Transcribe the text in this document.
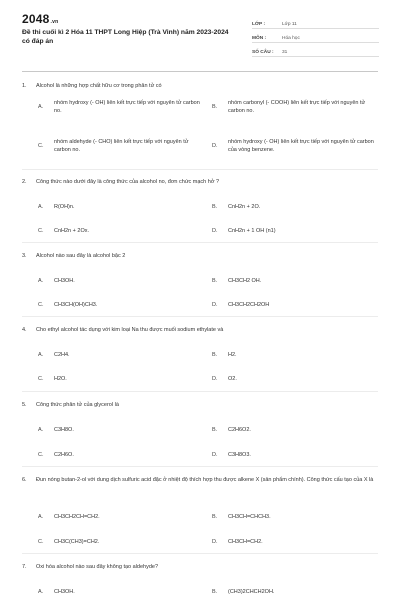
2048.vn
Đề thi cuối kì 2 Hóa 11 THPT Long Hiệp (Trà Vinh) năm 2023-2024 có đáp án
LỚP :	Lớp 11
MÔN :	Hóa học
SỐ CÂU :	31
1.	Alcohol là những hợp chất hữu cơ trong phân tử có
A.
nhóm hydroxy (- OH) liên kết trực tiếp với nguyên tử carbon no.
B.
nhóm carbonyl (- COOH) liên kết trực tiếp với nguyên tử carbon no.
C.
nhóm aldehyde (- CHO) liên kết trực tiếp với nguyên tử carbon no.
D.
nhóm hydroxy (- OH) liên kết trực tiếp với nguyên tử carbon của vòng benzene.
2.	Công thức nào dưới đây là công thức của alcohol no, đơn chức mạch hở ?
A.	R(OH)n.	B.	CnH2n + 2O.
C.	CnH2n + 2Ox.	D.	CnH2n + 1 OH (n1)
3.	Alcohol nào sau đây là alcohol bậc 2
A.	CH3OH.	B.	CH3CH2 OH.
C.	CH3CH(OH)CH3.	D.	CH3CH2CH2OH
4.	Cho ethyl alcohol tác dụng với kim loại Na thu được muối sodium ethylate và
A.	C2H4.	B.	H2.
C.	H2O.	D.	O2.
5.	Công thức phân tử của glycerol là
A.	C3H8O.	B.	C2H6O2.
C.	C2H6O.	D.	C3H8O3.
6.	Đun nóng butan-2-ol với dung dịch sulfuric acid đặc ở nhiệt độ thích hợp thu được alkene X (sản phẩm chính). Công thức cấu tạo của X là
A.	CH3CH2CH=CH2.	B.	CH3CH=CHCH3.
C.	CH3C(CH3)=CH2.	D.	CH3CH=CH2.
7.	Oxi hóa alcohol nào sau đây không tạo aldehyde?
A.	CH3OH.	B.	(CH3)2CHCH2OH.
